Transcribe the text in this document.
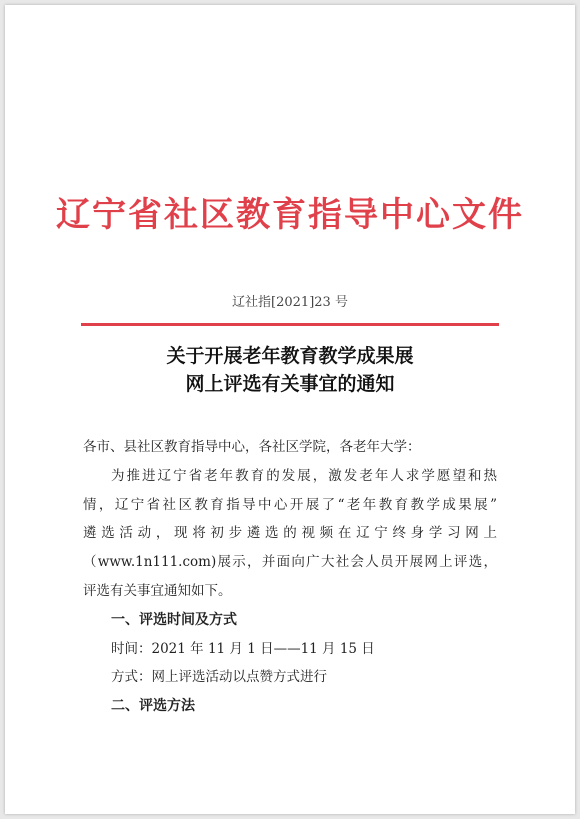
辽宁省社区教育指导中心文件
辽社指[2021]23 号
关于开展老年教育教学成果展
网上评选有关事宜的通知
各市、县社区教育指导中心，各社区学院，各老年大学：
为推进辽宁省老年教育的发展，激发老年人求学愿望和热
情，辽宁省社区教育指导中心开展了“老年教育教学成果展”
遴选活动，现将初步遴选的视频在辽宁终身学习网上
（www.1n111.com)展示，并面向广大社会人员开展网上评选，
评选有关事宜通知如下。
一、评选时间及方式
时间：2021 年 11 月 1 日——11 月 15 日
方式：网上评选活动以点赞方式进行
二、评选方法
